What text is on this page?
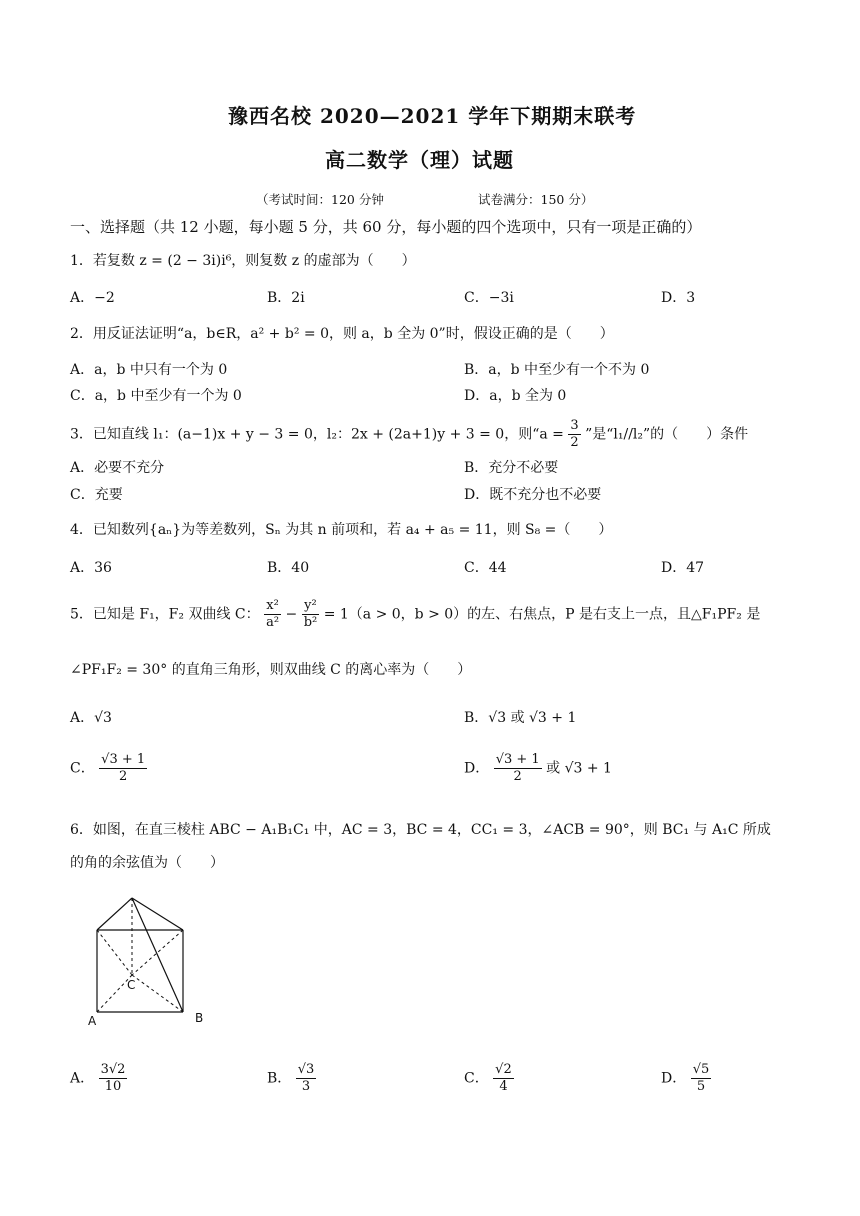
豫西名校 2020—2021 学年下期期末联考
高二数学（理）试题
（考试时间：120 分钟	试卷满分：150 分）
一、选择题（共 12 小题，每小题 5 分，共 60 分，每小题的四个选项中，只有一项是正确的）
1．若复数 z = (2 − 3i)i⁶，则复数 z 的虚部为（　　）
A．−2	B．2i	C．−3i	D．3
2．用反证法证明“a，b∈R，a² + b² = 0，则 a，b 全为 0”时，假设正确的是（　　）
A．a，b 中只有一个为 0	B．a，b 中至少有一个不为 0
C．a，b 中至少有一个为 0	D．a，b 全为 0
3．已知直线 l₁：(a−1)x + y − 3 = 0，l₂：2x + (2a+1)y + 3 = 0，则“$a = \frac{3}{2}$ ”是“l₁//l₂”的（　　）条件
A．必要不充分	B．充分不必要
C．充要	D．既不充分也不必要
4．已知数列{aₙ}为等差数列，Sₙ 为其 n 前项和，若 a₄ + a₅ = 11，则 S₈ =（　　）
A．36	B．40	C．44	D．47
5．已知是 F₁，F₂ 双曲线 C： $\frac{\text{x²}}{\text{a²}} - \frac{\text{y²}}{\text{b²}} = 1(a > 0$，b > 0）的左、右焦点，P 是右支上一点，且△F₁PF₂ 是
∠PF₁F₂ = 30° 的直角三角形，则双曲线 C 的离心率为（　　）
A．√3	B．√3 或 √3 + 1
C． $\frac{√3 + 1}{2}$	D． $\frac{√3 + 1}{2}$ 或 √3 + 1
6．如图，在直三棱柱 ABC − A₁B₁C₁ 中，AC = 3，BC = 4，CC₁ = 3，∠ACB = 90°，则 BC₁ 与 A₁C 所成
的角的余弦值为（　　）
C
A	B
A． $\frac{3√2}{10}$	B． $\frac{√3}{3}$	C． $\frac{√2}{4}$	D． $\frac{√5}{5}$
